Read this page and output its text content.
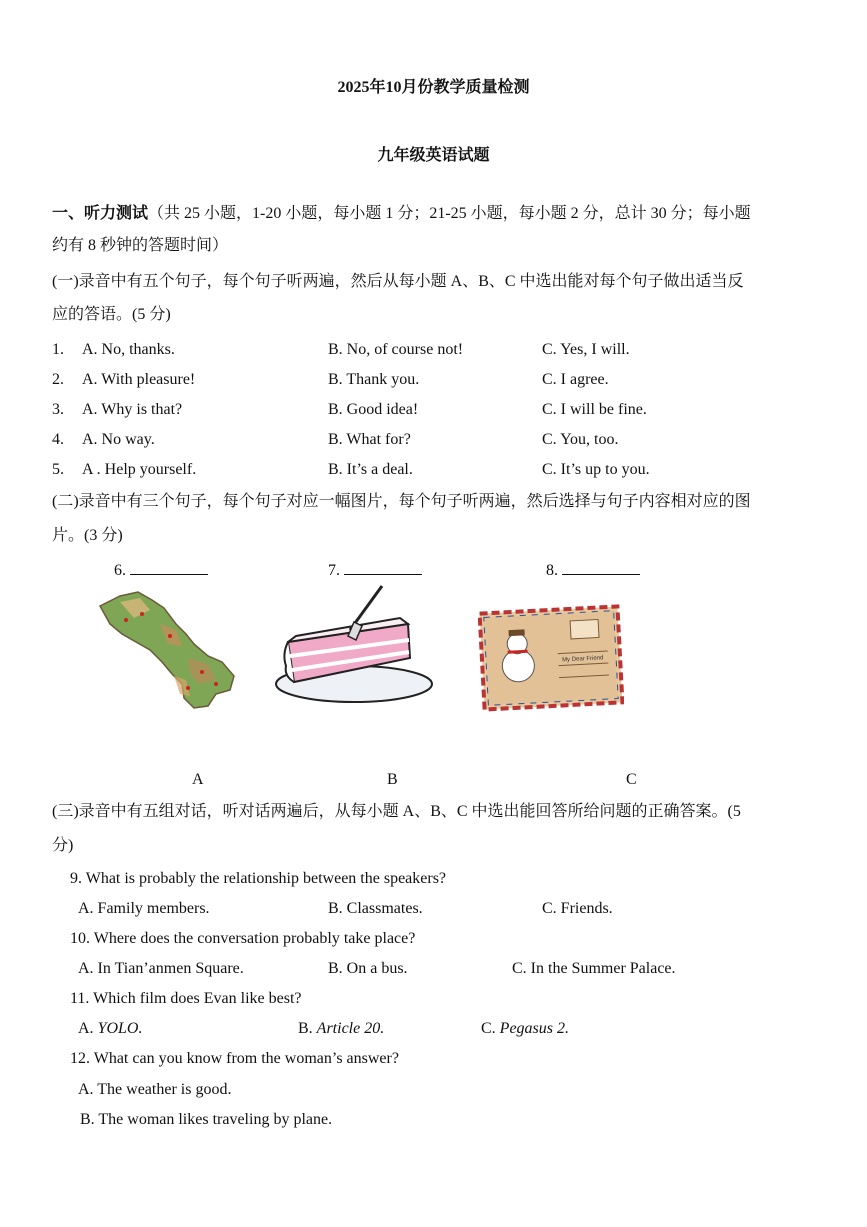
2025年10月份教学质量检测
九年级英语试题
一、听力测试（共 25 小题，1-20 小题，每小题 1 分；21-25 小题，每小题 2 分，总计 30 分；每小题
约有 8 秒钟的答题时间）
(一)录音中有五个句子，每个句子听两遍，然后从每小题 A、B、C 中选出能对每个句子做出适当反
应的答语。(5 分)
1. A. No, thanks.	B. No, of course not!	C. Yes, I will.
2. A. With pleasure!	B. Thank you.	C. I agree.
3. A. Why is that?	B. Good idea!	C. I will be fine.
4. A. No way.	B. What for?	C. You, too.
5. A . Help yourself.	B. It’s a deal.	C. It’s up to you.
(二)录音中有三个句子，每个句子对应一幅图片，每个句子听两遍，然后选择与句子内容相对应的图
片。(3 分)
6.	7.	8.
My Dear Friend
A	B	C
(三)录音中有五组对话，听对话两遍后，从每小题 A、B、C 中选出能回答所给问题的正确答案。(5
分)
9. What is probably the relationship between the speakers?
A. Family members.	B. Classmates.	C. Friends.
10. Where does the conversation probably take place?
A. In Tian’anmen Square.	B. On a bus.	C. In the Summer Palace.
11. Which film does Evan like best?
A. YOLO.	B. Article 20.	C. Pegasus 2.
12. What can you know from the woman’s answer?
A. The weather is good.
B. The woman likes traveling by plane.
